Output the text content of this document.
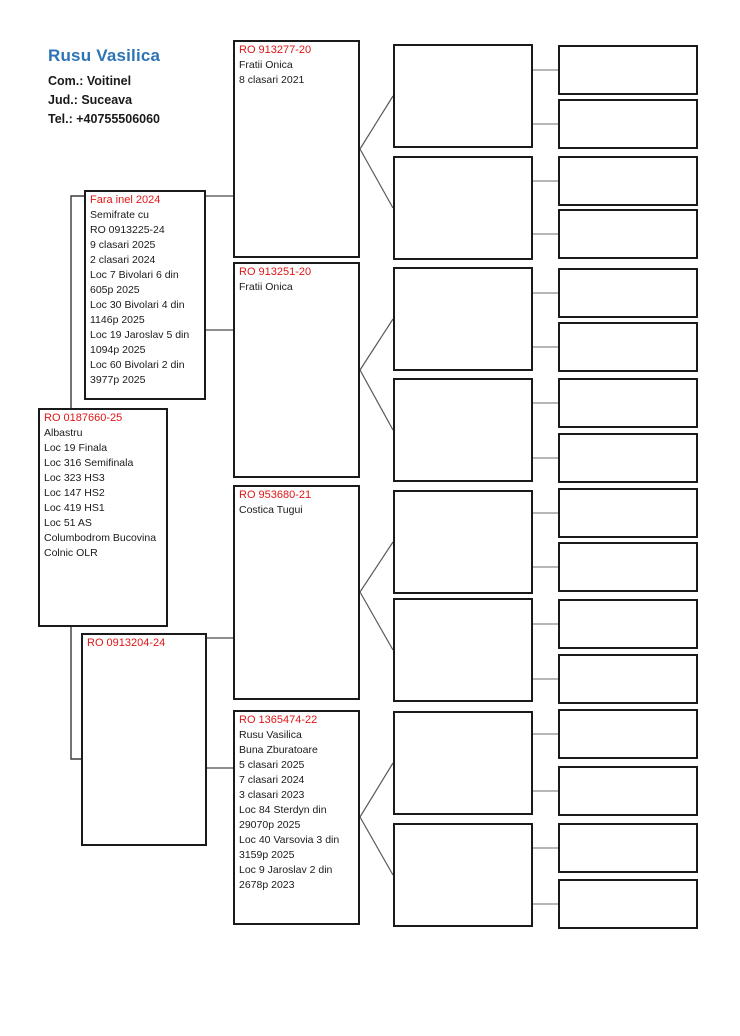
Rusu Vasilica
Com.: Voitinel
Jud.: Suceava
Tel.: +40755506060
RO 0187660-25
Albastru
Loc 19 Finala
Loc 316 Semifinala
Loc 323 HS3
Loc 147 HS2
Loc 419 HS1
Loc 51 AS
Columbodrom Bucovina
Colnic OLR
Fara inel 2024
Semifrate cu
RO 0913225-24
9 clasari 2025
2 clasari 2024
Loc 7 Bivolari 6 din 605p 2025
Loc 30 Bivolari 4 din 1146p 2025
Loc 19 Jaroslav 5 din 1094p 2025
Loc 60 Bivolari 2 din 3977p 2025
RO 0913204-24
RO 913277-20
Fratii Onica
8 clasari 2021
RO 913251-20
Fratii Onica
RO 953680-21
Costica Tugui
RO 1365474-22
Rusu Vasilica
Buna Zburatoare
5 clasari 2025
7 clasari 2024
3 clasari 2023
Loc 84 Sterdyn din 29070p 2025
Loc 40 Varsovia 3 din 3159p 2025
Loc 9 Jaroslav 2 din 2678p 2023
